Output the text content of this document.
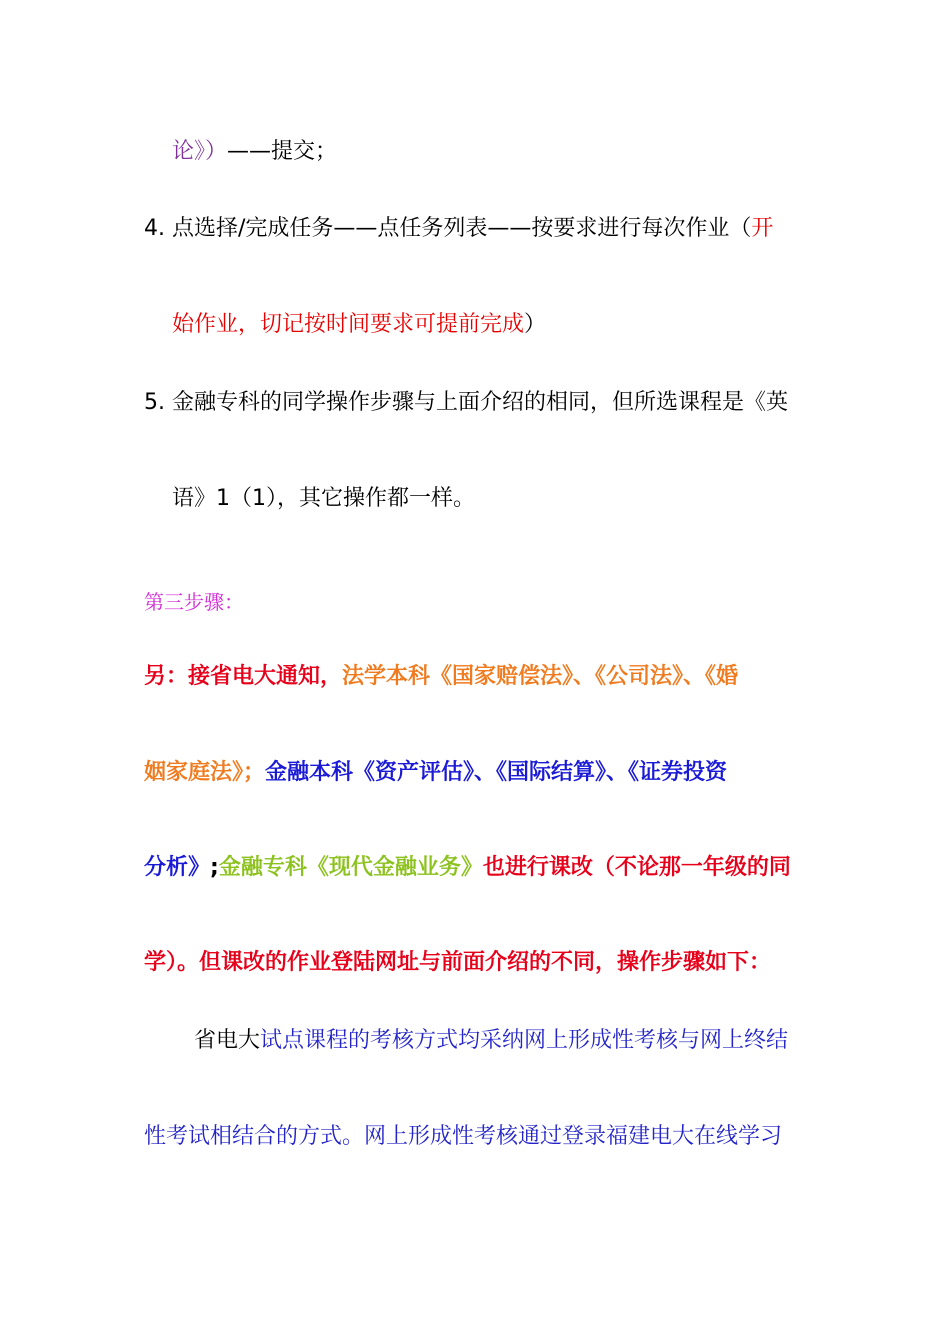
论》）——提交；
4. 点选择/完成任务——点任务列表——按要求进行每次作业（开
始作业，切记按时间要求可提前完成）
5. 金融专科的同学操作步骤与上面介绍的相同，但所选课程是《英
语》1（1），其它操作都一样。
第三步骤：
另：接省电大通知，法学本科《国家赔偿法》、《公司法》、《婚
姻家庭法》；金融本科《资产评估》、《国际结算》、《证券投资
分析》;金融专科《现代金融业务》也进行课改（不论那一年级的同
学）。但课改的作业登陆网址与前面介绍的不同，操作步骤如下：
省电大试点课程的考核方式均采纳网上形成性考核与网上终结
性考试相结合的方式。网上形成性考核通过登录福建电大在线学习
